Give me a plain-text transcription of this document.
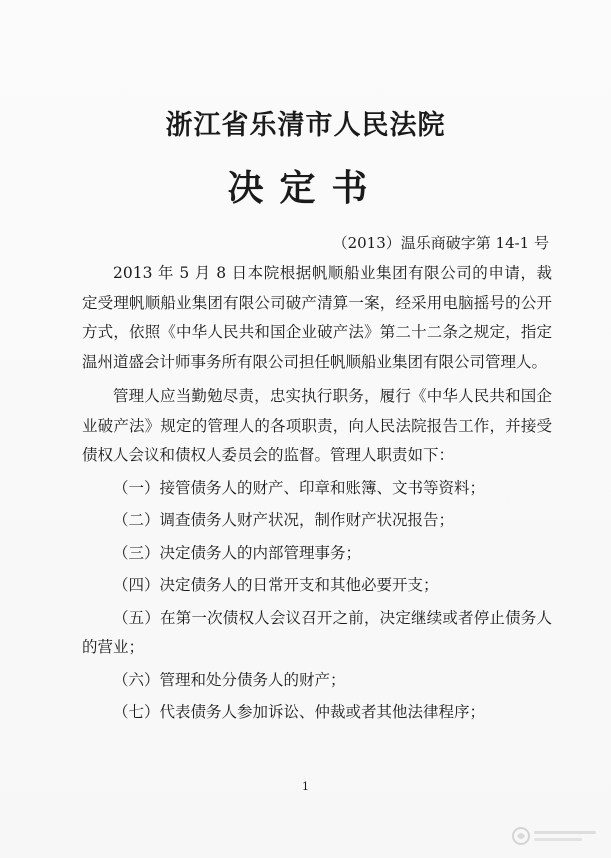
浙江省乐清市人民法院
决定书
（2013）温乐商破字第 14-1 号

2013 年 5 月 8 日本院根据帆顺船业集团有限公司的申请，裁定受理帆顺船业集团有限公司破产清算一案，经采用电脑摇号的公开方式，依照《中华人民共和国企业破产法》第二十二条之规定，指定温州道盛会计师事务所有限公司担任帆顺船业集团有限公司管理人。

管理人应当勤勉尽责，忠实执行职务，履行《中华人民共和国企业破产法》规定的管理人的各项职责，向人民法院报告工作，并接受债权人会议和债权人委员会的监督。管理人职责如下：

（一）接管债务人的财产、印章和账簿、文书等资料；

（二）调查债务人财产状况，制作财产状况报告；

（三）决定债务人的内部管理事务；

（四）决定债务人的日常开支和其他必要开支；

（五）在第一次债权人会议召开之前，决定继续或者停止债务人的营业；

（六）管理和处分债务人的财产；

（七）代表债务人参加诉讼、仲裁或者其他法律程序；

1
